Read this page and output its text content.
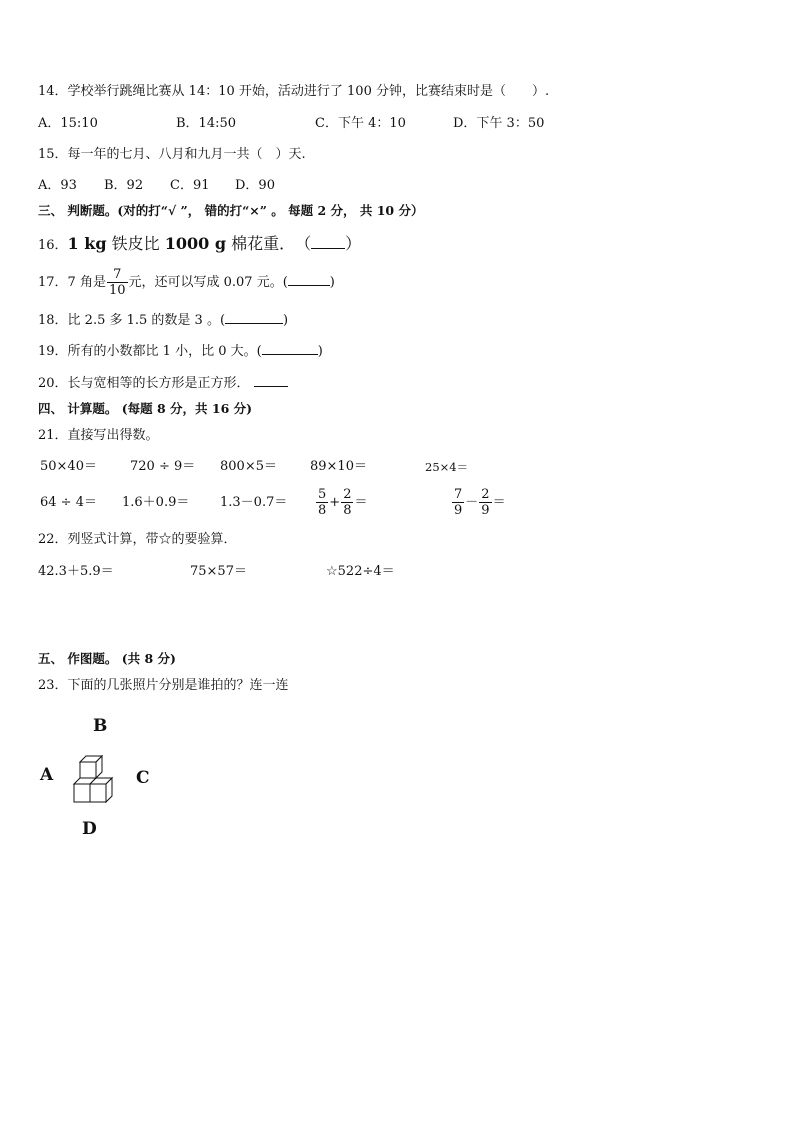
14．学校举行跳绳比赛从 14：10 开始，活动进行了 100 分钟，比赛结束时是（　　）.
A．15:10	B．14:50	C．下午 4：10	D．下午 3：50
15．每一年的七月、八月和九月一共（　）天.
A．93 B．92 C．91 D．90
三、 判断题。(对的打“√ ”， 错的打“×” 。 每题 2 分， 共 10 分）
16．1 kg 铁皮比 1000 g 棉花重．　（ ）
17．7 角是 $\frac{7}{10}$ 元，还可以写成 0.07 元。(	)
18．比 2.5 多 1.5 的数是 3 。(	)
19．所有的小数都比 1 小，比 0 大。(	)
20．长与宽相等的长方形是正方形．
四、 计算题。 (每题 8 分，共 16 分)
21．直接写出得数。
50×40＝	720 ÷ 9＝ 800×5＝	89×10＝	25×4＝
$64 \div 4= 1.6+0.9= 1.3-0.7= \frac{5}{8} + \frac{2}{8}$ ＝	$\frac{7}{9} - \frac{2}{9}$ ＝
22．列竖式计算，带☆的要验算．
42.3＋5.9＝	75×57＝	☆522÷4＝
五、 作图题。 (共 8 分)
23．下面的几张照片分别是谁拍的？连一连
B
A	C
D
